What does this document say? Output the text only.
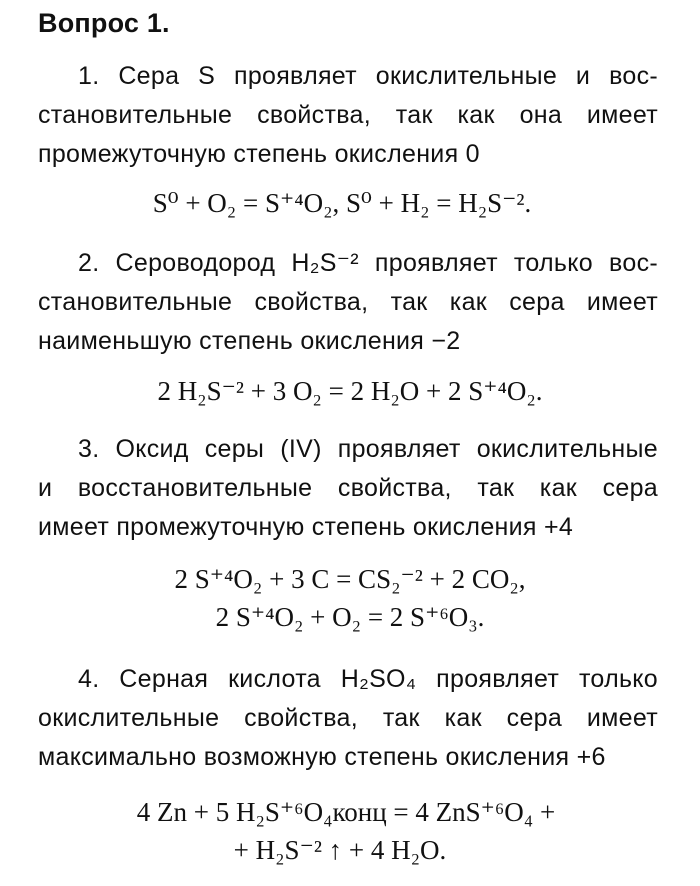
Вопрос 1.
1. Сера S проявляет окислительные и вос-
становительные свойства, так как она имеет
промежуточную степень окисления 0
S⁰ + O₂ = S⁺⁴O₂, S⁰ + H₂ = H₂S⁻².
2. Сероводород H₂S⁻² проявляет только вос-
становительные свойства, так как сера имеет
наименьшую степень окисления −2
2 H₂S⁻² + 3 O₂ = 2 H₂O + 2 S⁺⁴O₂.
3. Оксид серы (IV) проявляет окислительные
и восстановительные свойства, так как сера
имеет промежуточную степень окисления +4
2 S⁺⁴O₂ + 3 C = CS₂⁻² + 2 CO₂,
2 S⁺⁴O₂ + O₂ = 2 S⁺⁶O₃.
4. Серная кислота H₂SO₄ проявляет только
окислительные свойства, так как сера имеет
максимально возможную степень окисления +6
4 Zn + 5 H₂S⁺⁶O₄конц = 4 ZnS⁺⁶O₄ +
+ H₂S⁻² ↑ + 4 H₂O.
